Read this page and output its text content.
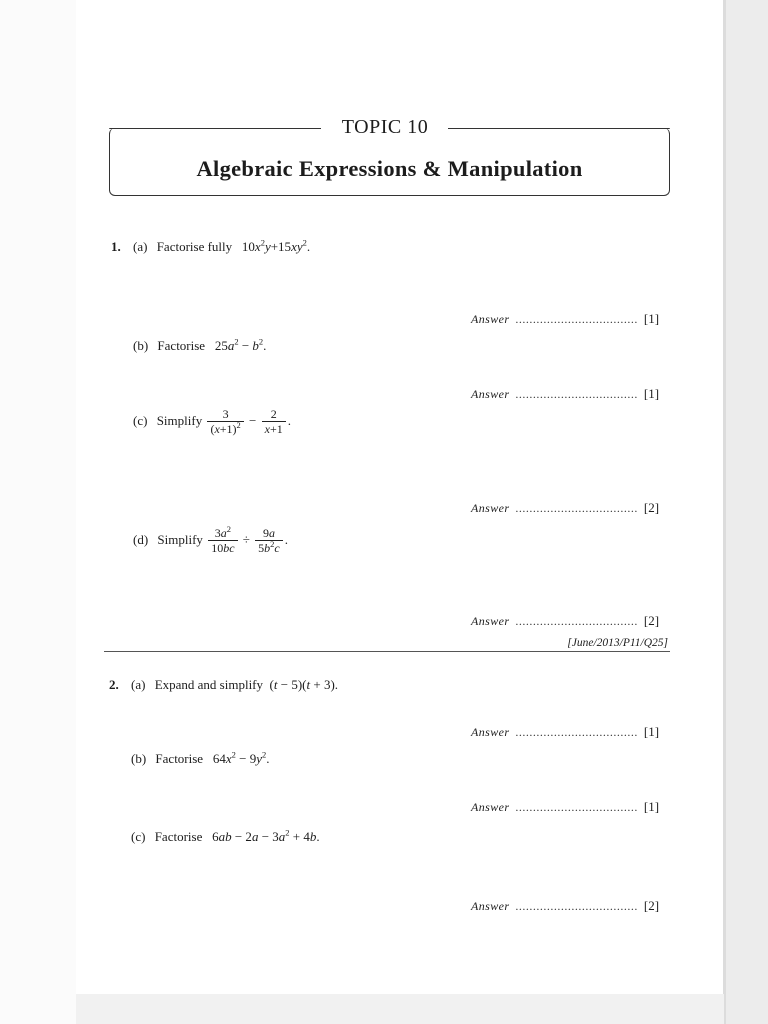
TOPIC 10
Algebraic Expressions & Manipulation
1. (a) Factorise fully $10x^2y+15xy^2$.
Answer ................................... [1]
(b) Factorise $25a^2 - b^2$.
Answer ................................... [1]
(c) Simplify $\frac{3}{(x+1)^2} - \frac{2}{x+1}$ .
Answer ................................... [2]
(d) Simplify $\frac{3a^2}{10bc} \div \frac{9a}{5b^2c}$ .
Answer ................................... [2]
[June/2013/P11/Q25]
2. (a) Expand and simplify (t − 5)(t + 3).
Answer ................................... [1]
(b) Factorise $64x^2 - 9y^2$.
Answer ................................... [1]
(c) Factorise $6ab - 2a - 3a^2 + 4b$.
Answer ................................... [2]
